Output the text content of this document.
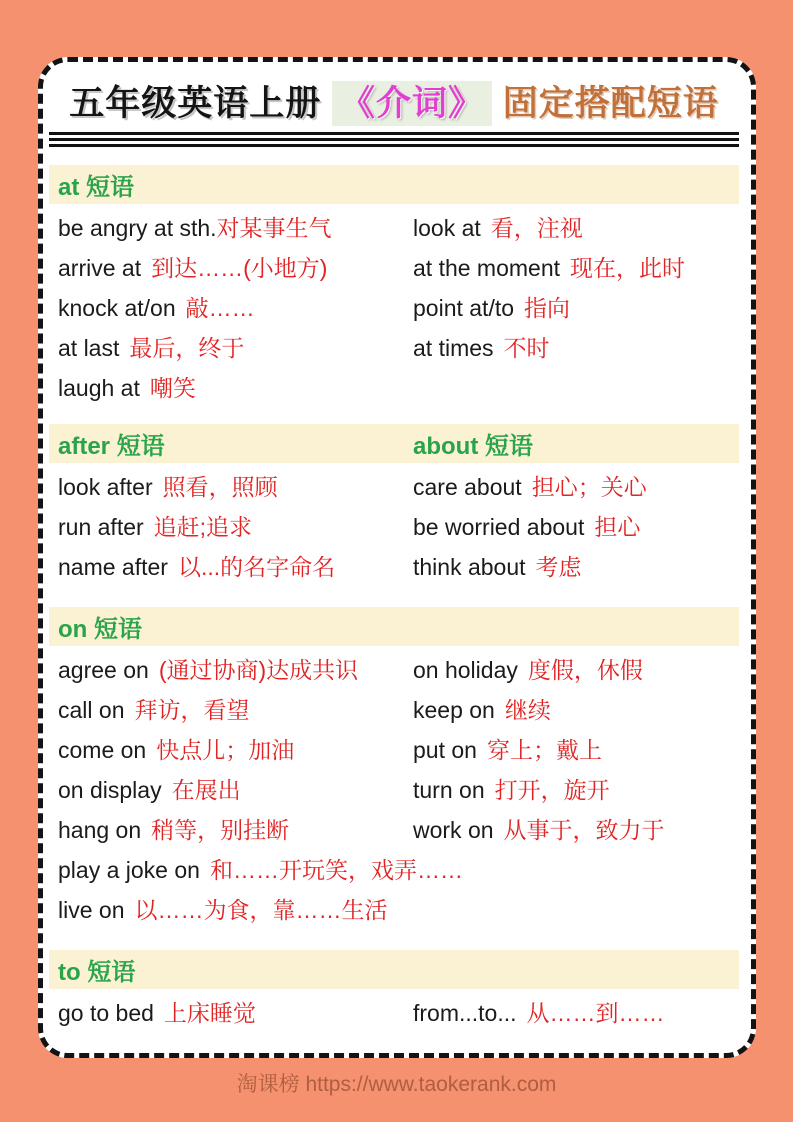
五年级英语上册 《介词》 固定搭配短语
at 短语
be angry at sth.对某事生气	look at 看，注视
arrive at 到达……(小地方)	at the moment 现在，此时
knock at/on 敲……	point at/to 指向
at last 最后，终于	at times 不时
laugh at 嘲笑
after 短语	about 短语
look after 照看，照顾	care about 担心；关心
run after 追赶;追求	be worried about 担心
name after 以...的名字命名	think about 考虑
on 短语
agree on (通过协商)达成共识	on holiday 度假，休假
call on 拜访，看望	keep on 继续
come on 快点儿；加油	put on 穿上；戴上
on display 在展出	turn on 打开，旋开
hang on 稍等，别挂断	work on 从事于，致力于
play a joke on 和……开玩笑，戏弄……
live on 以……为食，靠……生活
to 短语
go to bed 上床睡觉	from...to... 从……到……
淘课榜 https://www.taokerank.com
